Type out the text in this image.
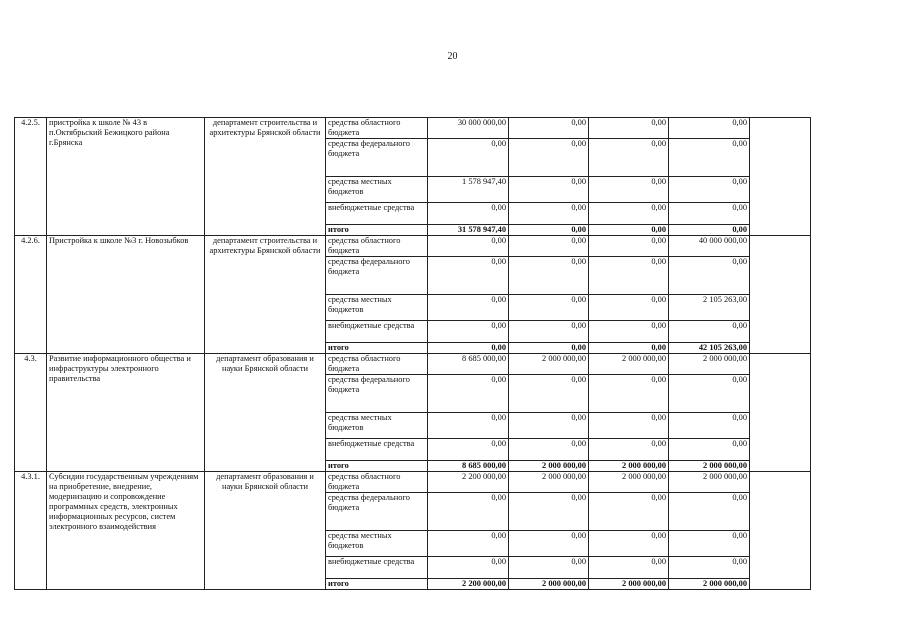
20
4.2.5.	пристройка к школе № 43 в п.Октябрьский Бежицкого района г.Брянска	департамент строительства и архитектуры Брянской области	средства областного бюджета	30 000 000,00	0,00	0,00	0,00	
			средства федерального бюджета	0,00	0,00	0,00	0,00	
			средства местных бюджетов	1 578 947,40	0,00	0,00	0,00	
			внебюджетные средства	0,00	0,00	0,00	0,00	
			итого	31 578 947,40	0,00	0,00	0,00	
4.2.6.	Пристройка к школе №3 г. Новозыбков	департамент строительства и архитектуры Брянской области	средства областного бюджета	0,00	0,00	0,00	40 000 000,00	
			средства федерального бюджета	0,00	0,00	0,00	0,00	
			средства местных бюджетов	0,00	0,00	0,00	2 105 263,00	
			внебюджетные средства	0,00	0,00	0,00	0,00	
			итого	0,00	0,00	0,00	42 105 263,00	
4.3.	Развитие информационного общества и инфраструктуры электронного правительства	департамент образования и науки Брянской области	средства областного бюджета	8 685 000,00	2 000 000,00	2 000 000,00	2 000 000,00	
			средства федерального бюджета	0,00	0,00	0,00	0,00	
			средства местных бюджетов	0,00	0,00	0,00	0,00	
			внебюджетные средства	0,00	0,00	0,00	0,00	
			итого	8 685 000,00	2 000 000,00	2 000 000,00	2 000 000,00	
4.3.1.	Субсидии государственным учреждениям на приобретение, внедрение, модернизацию и сопровождение программных средств, электронных информационных ресурсов, систем электронного взаимодействия	департамент образования и науки Брянской области	средства областного бюджета	2 200 000,00	2 000 000,00	2 000 000,00	2 000 000,00	
			средства федерального бюджета	0,00	0,00	0,00	0,00	
			средства местных бюджетов	0,00	0,00	0,00	0,00	
			внебюджетные средства	0,00	0,00	0,00	0,00	
			итого	2 200 000,00	2 000 000,00	2 000 000,00	2 000 000,00	
